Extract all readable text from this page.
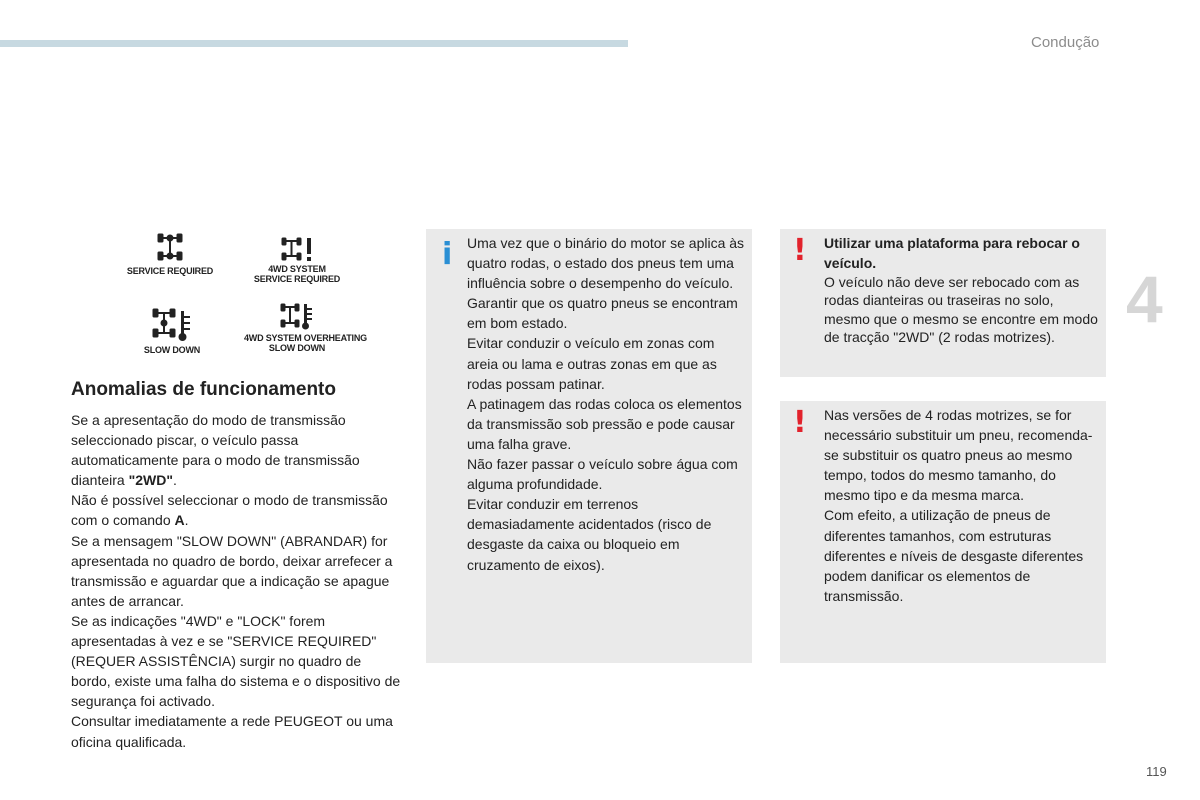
Condução
4
119
SERVICE REQUIRED	4WD SYSTEM
SERVICE REQUIRED
SLOW DOWN
4WD SYSTEM OVERHEATING
SLOW DOWN
Anomalias de funcionamento

Se a apresentação do modo de transmissão seleccionado piscar, o veículo passa automaticamente para o modo de transmissão dianteira "2WD".

Não é possível seleccionar o modo de transmissão com o comando A.

Se a mensagem "SLOW DOWN" (ABRANDAR) for apresentada no quadro de bordo, deixar arrefecer a transmissão e aguardar que a indicação se apague antes de arrancar.

Se as indicações "4WD" e "LOCK" forem apresentadas à vez e se "SERVICE REQUIRED" (REQUER ASSISTÊNCIA) surgir no quadro de bordo, existe uma falha do sistema e o dispositivo de segurança foi activado.

Consultar imediatamente a rede PEUGEOT ou uma oficina qualificada.

i Uma vez que o binário do motor se aplica às quatro rodas, o estado dos pneus tem uma influência sobre o desempenho do veículo.

Garantir que os quatro pneus se encontram em bom estado.

Evitar conduzir o veículo em zonas com areia ou lama e outras zonas em que as rodas possam patinar.

A patinagem das rodas coloca os elementos da transmissão sob pressão e pode causar uma falha grave.

Não fazer passar o veículo sobre água com alguma profundidade.

Evitar conduzir em terrenos demasiadamente acidentados (risco de desgaste da caixa ou bloqueio em cruzamento de eixos).

! Utilizar uma plataforma para rebocar o veículo.

O veículo não deve ser rebocado com as rodas dianteiras ou traseiras no solo, mesmo que o mesmo se encontre em modo de tracção "2WD" (2 rodas motrizes).

! Nas versões de 4 rodas motrizes, se for necessário substituir um pneu, recomenda-se substituir os quatro pneus ao mesmo tempo, todos do mesmo tamanho, do mesmo tipo e da mesma marca.

Com efeito, a utilização de pneus de diferentes tamanhos, com estruturas diferentes e níveis de desgaste diferentes podem danificar os elementos de transmissão.
